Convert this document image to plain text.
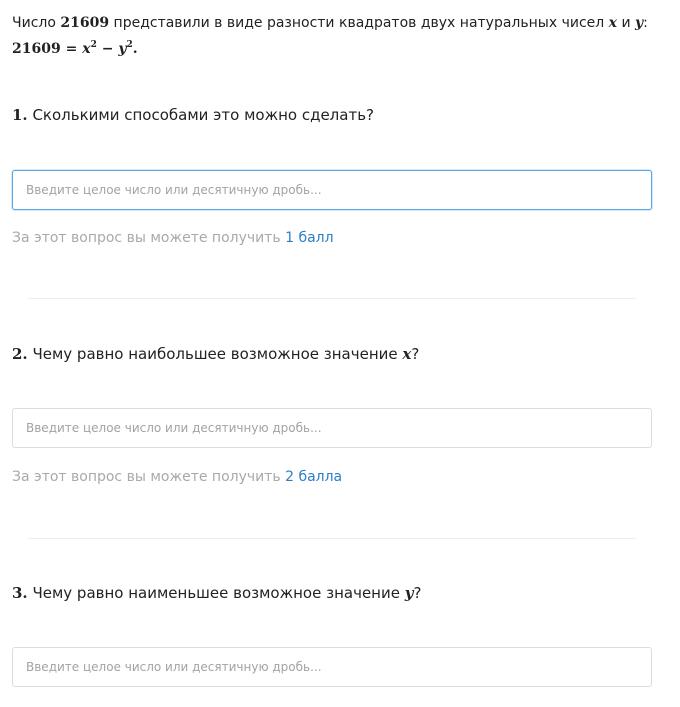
Число 21609 представили в виде разности квадратов двух натуральных чисел x и y:
$21609 = x^2 - y^2$.
1. Сколькими способами это можно сделать?
Введите целое число или десятичную дробь...
За этот вопрос вы можете получить 1 балл
2. Чему равно наибольшее возможное значение x?
Введите целое число или десятичную дробь...
За этот вопрос вы можете получить 2 балла
3. Чему равно наименьшее возможное значение y?
Введите целое число или десятичную дробь...
